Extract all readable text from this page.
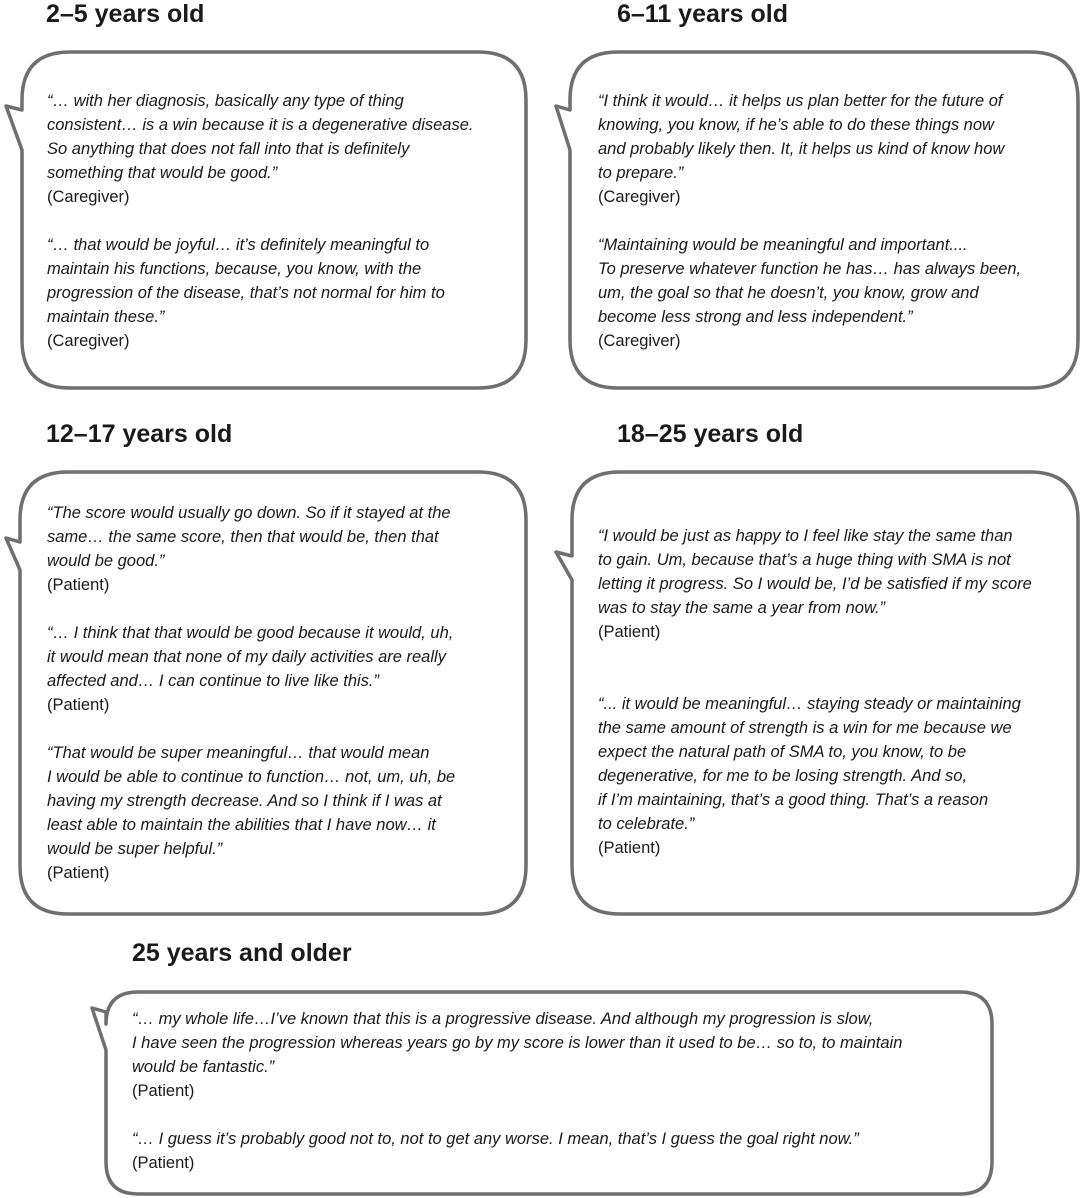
2–5 years old
“… with her diagnosis, basically any type of thing
consistent… is a win because it is a degenerative disease.
So anything that does not fall into that is definitely
something that would be good.”

(Caregiver)

“… that would be joyful… it’s definitely meaningful to
maintain his functions, because, you know, with the
progression of the disease, that’s not normal for him to
maintain these.”

(Caregiver)

6–11 years old
“I think it would… it helps us plan better for the future of
knowing, you know, if he’s able to do these things now
and probably likely then. It, it helps us kind of know how
to prepare.”

(Caregiver)

“Maintaining would be meaningful and important....
To preserve whatever function he has… has always been,
um, the goal so that he doesn’t, you know, grow and
become less strong and less independent.”

(Caregiver)

12–17 years old
“The score would usually go down. So if it stayed at the
same… the same score, then that would be, then that
would be good.”

(Patient)

“… I think that that would be good because it would, uh,
it would mean that none of my daily activities are really
affected and… I can continue to live like this.”

(Patient)

“That would be super meaningful… that would mean
I would be able to continue to function… not, um, uh, be
having my strength decrease. And so I think if I was at
least able to maintain the abilities that I have now… it
would be super helpful.”

(Patient)

18–25 years old
“I would be just as happy to I feel like stay the same than
to gain. Um, because that’s a huge thing with SMA is not
letting it progress. So I would be, I’d be satisfied if my score
was to stay the same a year from now.”

(Patient)

“... it would be meaningful… staying steady or maintaining
the same amount of strength is a win for me because we
expect the natural path of SMA to, you know, to be
degenerative, for me to be losing strength. And so,
if I’m maintaining, that’s a good thing. That’s a reason
to celebrate.”

(Patient)

25 years and older
“… my whole life…I’ve known that this is a progressive disease. And although my progression is slow,
I have seen the progression whereas years go by my score is lower than it used to be… so to, to maintain
would be fantastic.”

(Patient)

“… I guess it’s probably good not to, not to get any worse. I mean, that’s I guess the goal right now.”

(Patient)
